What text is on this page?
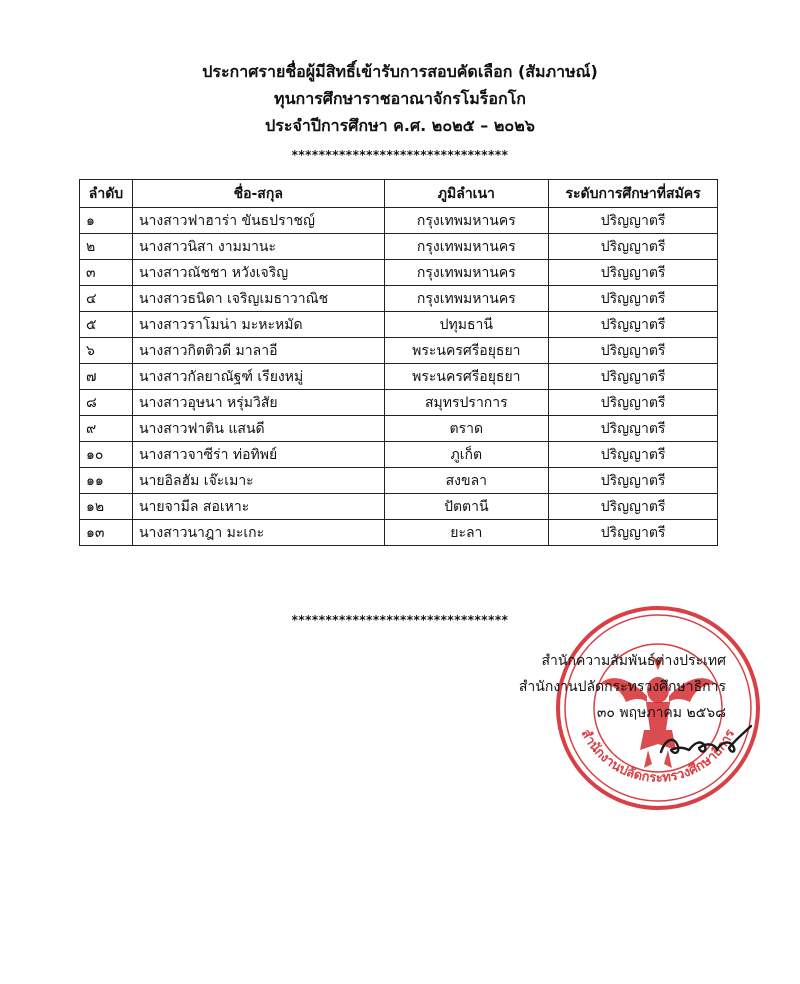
ประกาศรายชื่อผู้มีสิทธิ์เข้ารับการสอบคัดเลือก (สัมภาษณ์)
ทุนการศึกษาราชอาณาจักรโมร็อกโก
ประจำปีการศึกษา ค.ศ. ๒๐๒๕ – ๒๐๒๖
********************************
ลำดับ	ชื่อ-สกุล	ภูมิลำเนา	ระดับการศึกษาที่สมัคร
๑	นางสาวฟาฮาร่า ขันธปราชญ์	กรุงเทพมหานคร	ปริญญาตรี
๒	นางสาวนิสา งามมานะ	กรุงเทพมหานคร	ปริญญาตรี
๓	นางสาวณัชชา หวังเจริญ	กรุงเทพมหานคร	ปริญญาตรี
๔	นางสาวธนิดา เจริญเมธาวาณิช	กรุงเทพมหานคร	ปริญญาตรี
๕	นางสาวราโมน่า มะหะหมัด	ปทุมธานี	ปริญญาตรี
๖	นางสาวกิตติวดี มาลาอี	พระนครศรีอยุธยา	ปริญญาตรี
๗	นางสาวกัลยาณัฐฑ์ เรียงหมู่	พระนครศรีอยุธยา	ปริญญาตรี
๘	นางสาวอุษนา หรุ่มวิสัย	สมุทรปราการ	ปริญญาตรี
๙	นางสาวฟาติน แสนดี	ตราด	ปริญญาตรี
๑๐	นางสาวจาซีร่า ท่อทิพย์	ภูเก็ต	ปริญญาตรี
๑๑	นายอิลฮัม เจ๊ะเมาะ	สงขลา	ปริญญาตรี
๑๒	นายจามีล สอเหาะ	ปัตตานี	ปริญญาตรี
๑๓	นางสาวนาฎา มะเกะ	ยะลา	ปริญญาตรี
********************************
สำนักงานปลัดกระทรวงศึกษาธิการ
สำนักความสัมพันธ์ต่างประเทศ
สำนักงานปลัดกระทรวงศึกษาธิการ
๓๐ พฤษภาคม ๒๕๖๘
